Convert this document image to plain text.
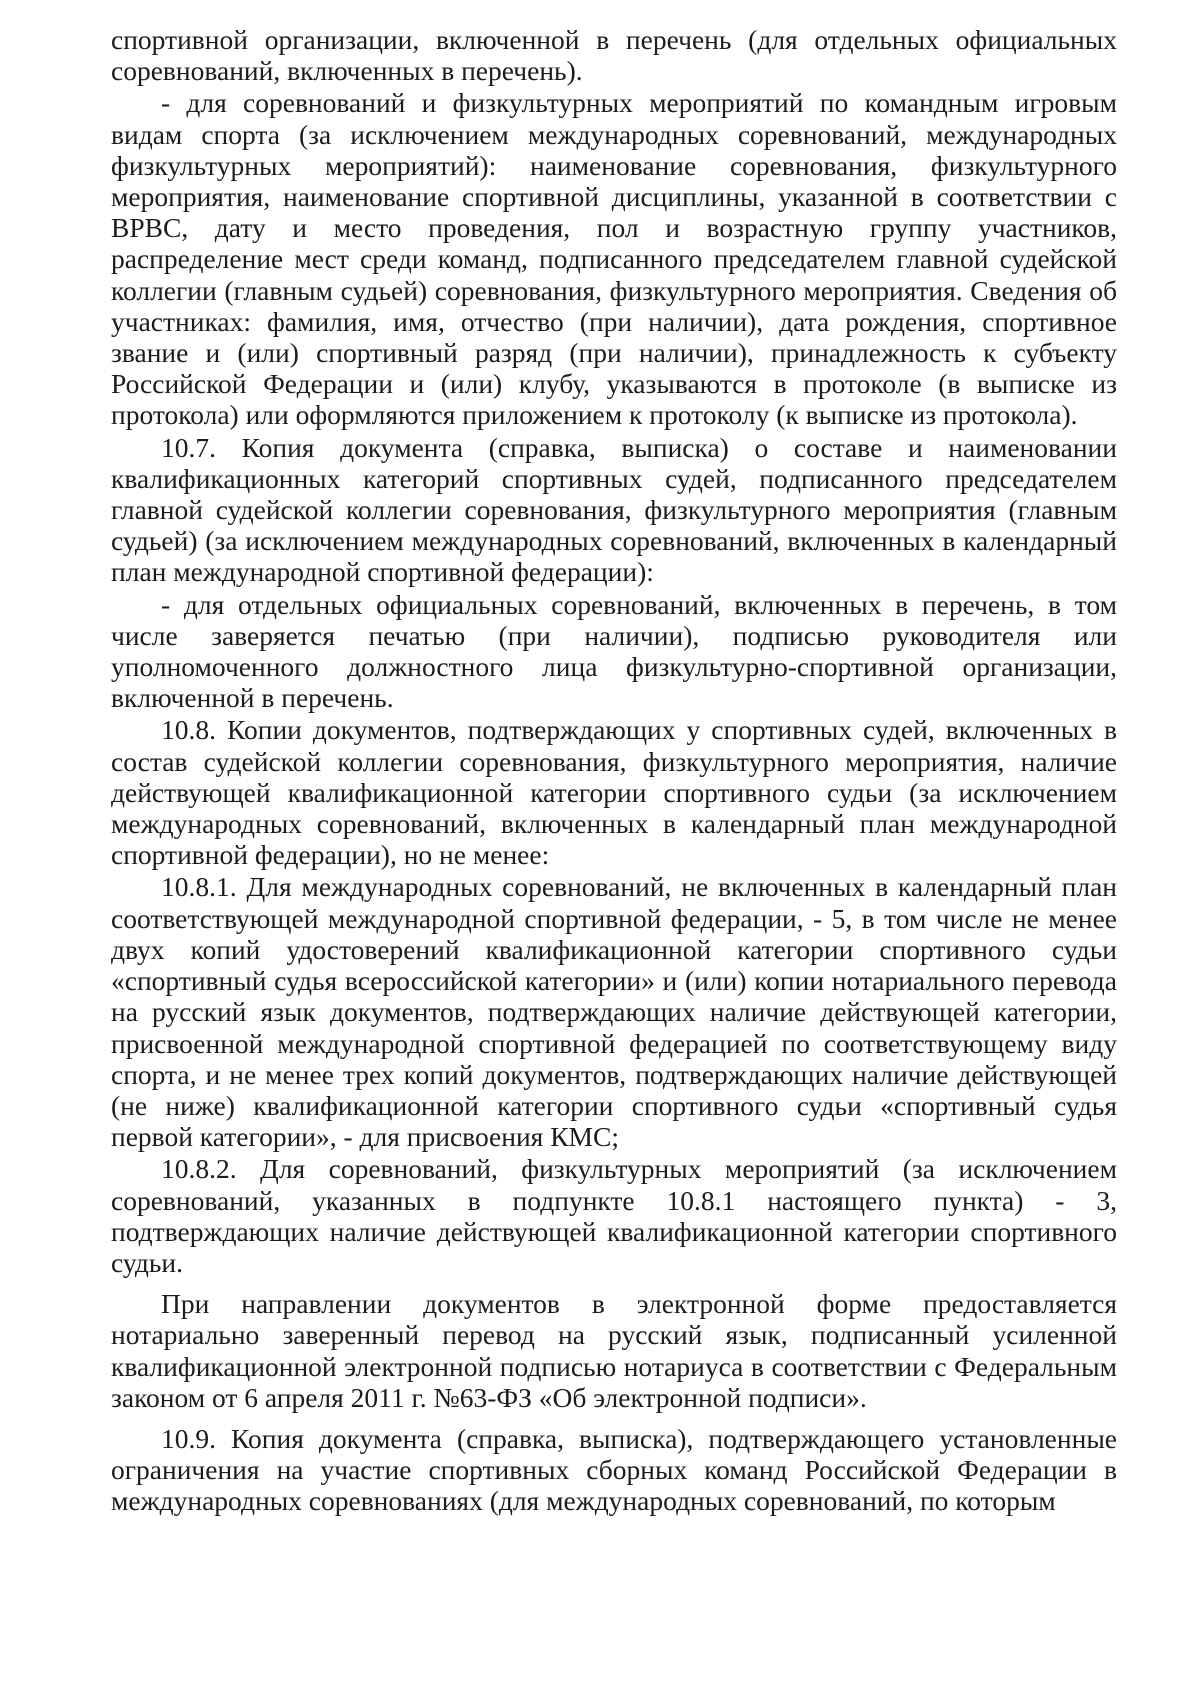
спортивной организации, включенной в перечень (для отдельных официальных соревнований, включенных в перечень).

- для соревнований и физкультурных мероприятий по командным игровым видам спорта (за исключением международных соревнований, международных физкультурных мероприятий): наименование соревнования, физкультурного мероприятия, наименование спортивной дисциплины, указанной в соответствии с ВРВС, дату и место проведения, пол и возрастную группу участников, распределение мест среди команд, подписанного председателем главной судейской коллегии (главным судьей) соревнования, физкультурного мероприятия. Сведения об участниках: фамилия, имя, отчество (при наличии), дата рождения, спортивное звание и (или) спортивный разряд (при наличии), принадлежность к субъекту Российской Федерации и (или) клубу, указываются в протоколе (в выписке из протокола) или оформляются приложением к протоколу (к выписке из протокола).

10.7. Копия документа (справка, выписка) о составе и наименовании квалификационных категорий спортивных судей, подписанного председателем главной судейской коллегии соревнования, физкультурного мероприятия (главным судьей) (за исключением международных соревнований, включенных в календарный план международной спортивной федерации):

- для отдельных официальных соревнований, включенных в перечень, в том числе заверяется печатью (при наличии), подписью руководителя или уполномоченного должностного лица физкультурно-спортивной организации, включенной в перечень.

10.8. Копии документов, подтверждающих у спортивных судей, включенных в состав судейской коллегии соревнования, физкультурного мероприятия, наличие действующей квалификационной категории спортивного судьи (за исключением международных соревнований, включенных в календарный план международной спортивной федерации), но не менее:

10.8.1. Для международных соревнований, не включенных в календарный план соответствующей международной спортивной федерации, - 5, в том числе не менее двух копий удостоверений квалификационной категории спортивного судьи «спортивный судья всероссийской категории» и (или) копии нотариального перевода на русский язык документов, подтверждающих наличие действующей категории, присвоенной международной спортивной федерацией по соответствующему виду спорта, и не менее трех копий документов, подтверждающих наличие действующей (не ниже) квалификационной категории спортивного судьи «спортивный судья первой категории», - для присвоения КМС;

10.8.2. Для соревнований, физкультурных мероприятий (за исключением соревнований, указанных в подпункте 10.8.1 настоящего пункта) - 3, подтверждающих наличие действующей квалификационной категории спортивного судьи.

При направлении документов в электронной форме предоставляется нотариально заверенный перевод на русский язык, подписанный усиленной квалификационной электронной подписью нотариуса в соответствии с Федеральным законом от 6 апреля 2011 г. №63-ФЗ «Об электронной подписи».

10.9. Копия документа (справка, выписка), подтверждающего установленные ограничения на участие спортивных сборных команд Российской Федерации в международных соревнованиях (для международных соревнований, по которым
